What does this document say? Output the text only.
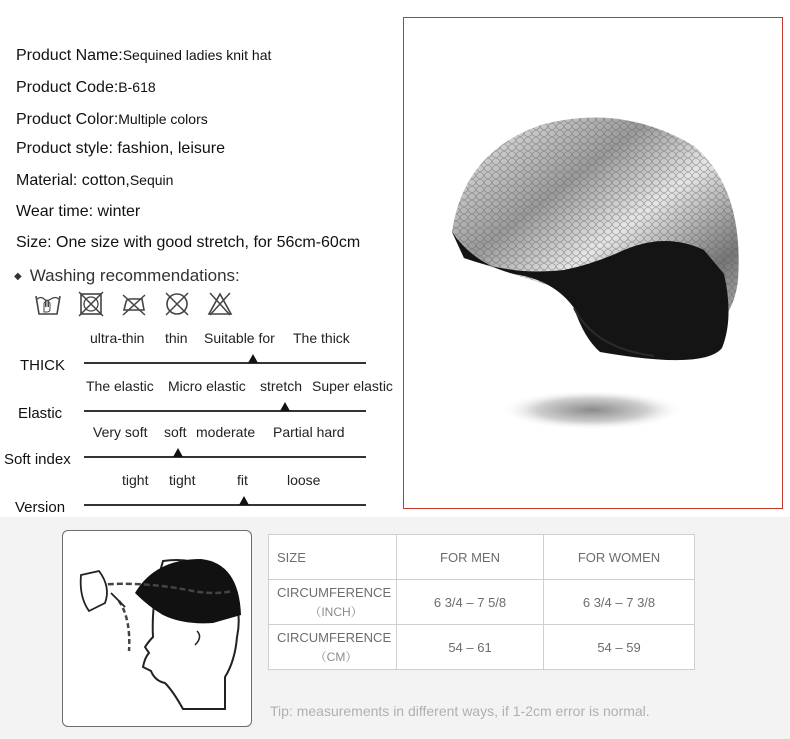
Product Name:Sequined ladies knit hat
Product Code:B-618
Product Color:Multiple colors
Product style: fashion, leisure
Material: cotton,Sequin
Wear time: winter
Size: One size with good stretch, for 56cm-60cm
◆ Washing recommendations:
THICK
ultra-thin thin Suitable for The thick
Elastic
The elastic Micro elastic stretch Super elastic
Soft index
Very soft soft moderate Partial hard
Version
tight tight	fit	loose
SIZE	FOR MEN	FOR WOMEN
CIRCUMFERENCE
（INCH）	6 3/4 – 7 5/8	6 3/4 – 7 3/8
CIRCUMFERENCE
（CM）	54 – 61	54 – 59
Tip: measurements in different ways, if 1-2cm error is normal.
